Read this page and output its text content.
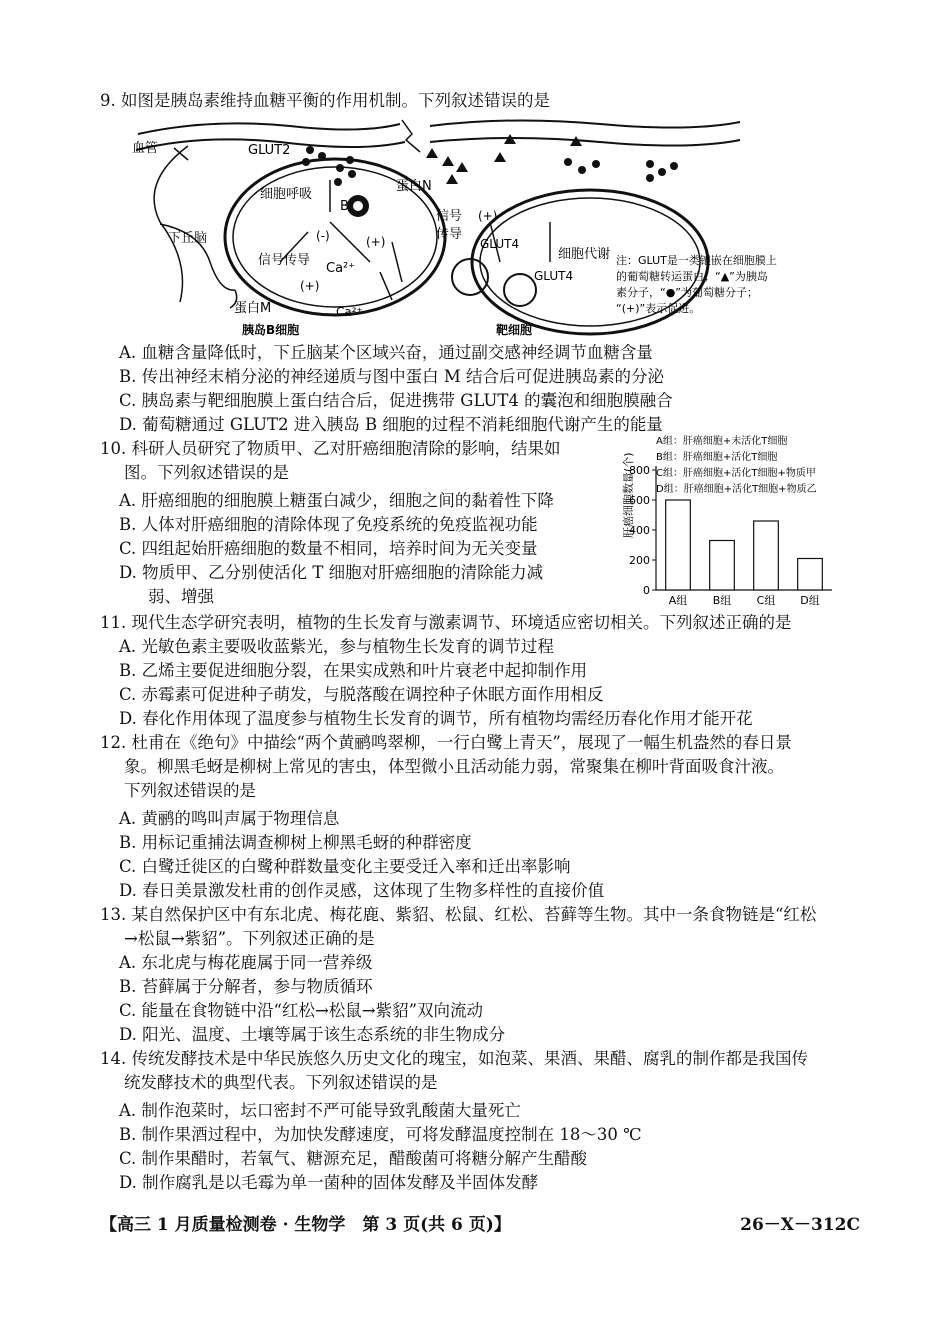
9. 如图是胰岛素维持血糖平衡的作用机制。下列叙述错误的是
血管	GLUT2
细胞呼吸
B
下丘脑
信号传导
Ca²⁺
Ca²⁺
(-)	(+)
(+)
(+)
蛋白M
蛋白N
胰岛B细胞	靶细胞
信号
传导
GLUT4
GLUT4
细胞代谢 注：GLUT是一类镶嵌在细胞膜上
的葡萄糖转运蛋白；“▲”为胰岛
素分子，“●”为葡萄糖分子；
“(+)”表示促进。
A. 血糖含量降低时，下丘脑某个区域兴奋，通过副交感神经调节血糖含量
B. 传出神经末梢分泌的神经递质与图中蛋白 M 结合后可促进胰岛素的分泌
C. 胰岛素与靶细胞膜上蛋白结合后，促进携带 GLUT4 的囊泡和细胞膜融合
D. 葡萄糖通过 GLUT2 进入胰岛 B 细胞的过程不消耗细胞代谢产生的能量
10. 科研人员研究了物质甲、乙对肝癌细胞清除的影响，结果如
图。下列叙述错误的是
A. 肝癌细胞的细胞膜上糖蛋白减少，细胞之间的黏着性下降
B. 人体对肝癌细胞的清除体现了免疫系统的免疫监视功能
C. 四组起始肝癌细胞的数量不相同，培养时间为无关变量
D. 物质甲、乙分别使活化 T 细胞对肝癌细胞的清除能力减
弱、增强
肝癌细胞数量(个)
A组：肝癌细胞+未活化T细胞
B组：肝癌细胞+活化T细胞
C组：肝癌细胞+活化T细胞+物质甲
D组：肝癌细胞+活化T细胞+物质乙
0
200
400
600
800
A组 B组 C组 D组
11. 现代生态学研究表明，植物的生长发育与激素调节、环境适应密切相关。下列叙述正确的是
A. 光敏色素主要吸收蓝紫光，参与植物生长发育的调节过程
B. 乙烯主要促进细胞分裂，在果实成熟和叶片衰老中起抑制作用
C. 赤霉素可促进种子萌发，与脱落酸在调控种子休眠方面作用相反
D. 春化作用体现了温度参与植物生长发育的调节，所有植物均需经历春化作用才能开花
12. 杜甫在《绝句》中描绘“两个黄鹂鸣翠柳，一行白鹭上青天”，展现了一幅生机盎然的春日景
象。柳黑毛蚜是柳树上常见的害虫，体型微小且活动能力弱，常聚集在柳叶背面吸食汁液。
下列叙述错误的是
A. 黄鹂的鸣叫声属于物理信息
B. 用标记重捕法调查柳树上柳黑毛蚜的种群密度
C. 白鹭迁徙区的白鹭种群数量变化主要受迁入率和迁出率影响
D. 春日美景激发杜甫的创作灵感，这体现了生物多样性的直接价值
13. 某自然保护区中有东北虎、梅花鹿、紫貂、松鼠、红松、苔藓等生物。其中一条食物链是“红松
→松鼠→紫貂”。下列叙述正确的是
A. 东北虎与梅花鹿属于同一营养级
B. 苔藓属于分解者，参与物质循环
C. 能量在食物链中沿“红松→松鼠→紫貂”双向流动
D. 阳光、温度、土壤等属于该生态系统的非生物成分
14. 传统发酵技术是中华民族悠久历史文化的瑰宝，如泡菜、果酒、果醋、腐乳的制作都是我国传
统发酵技术的典型代表。下列叙述错误的是
A. 制作泡菜时，坛口密封不严可能导致乳酸菌大量死亡
B. 制作果酒过程中，为加快发酵速度，可将发酵温度控制在 18～30 ℃
C. 制作果醋时，若氧气、糖源充足，醋酸菌可将糖分解产生醋酸
D. 制作腐乳是以毛霉为单一菌种的固体发酵及半固体发酵
【高三 1 月质量检测卷 · 生物学　第 3 页(共 6 页)】	26－X－312C
